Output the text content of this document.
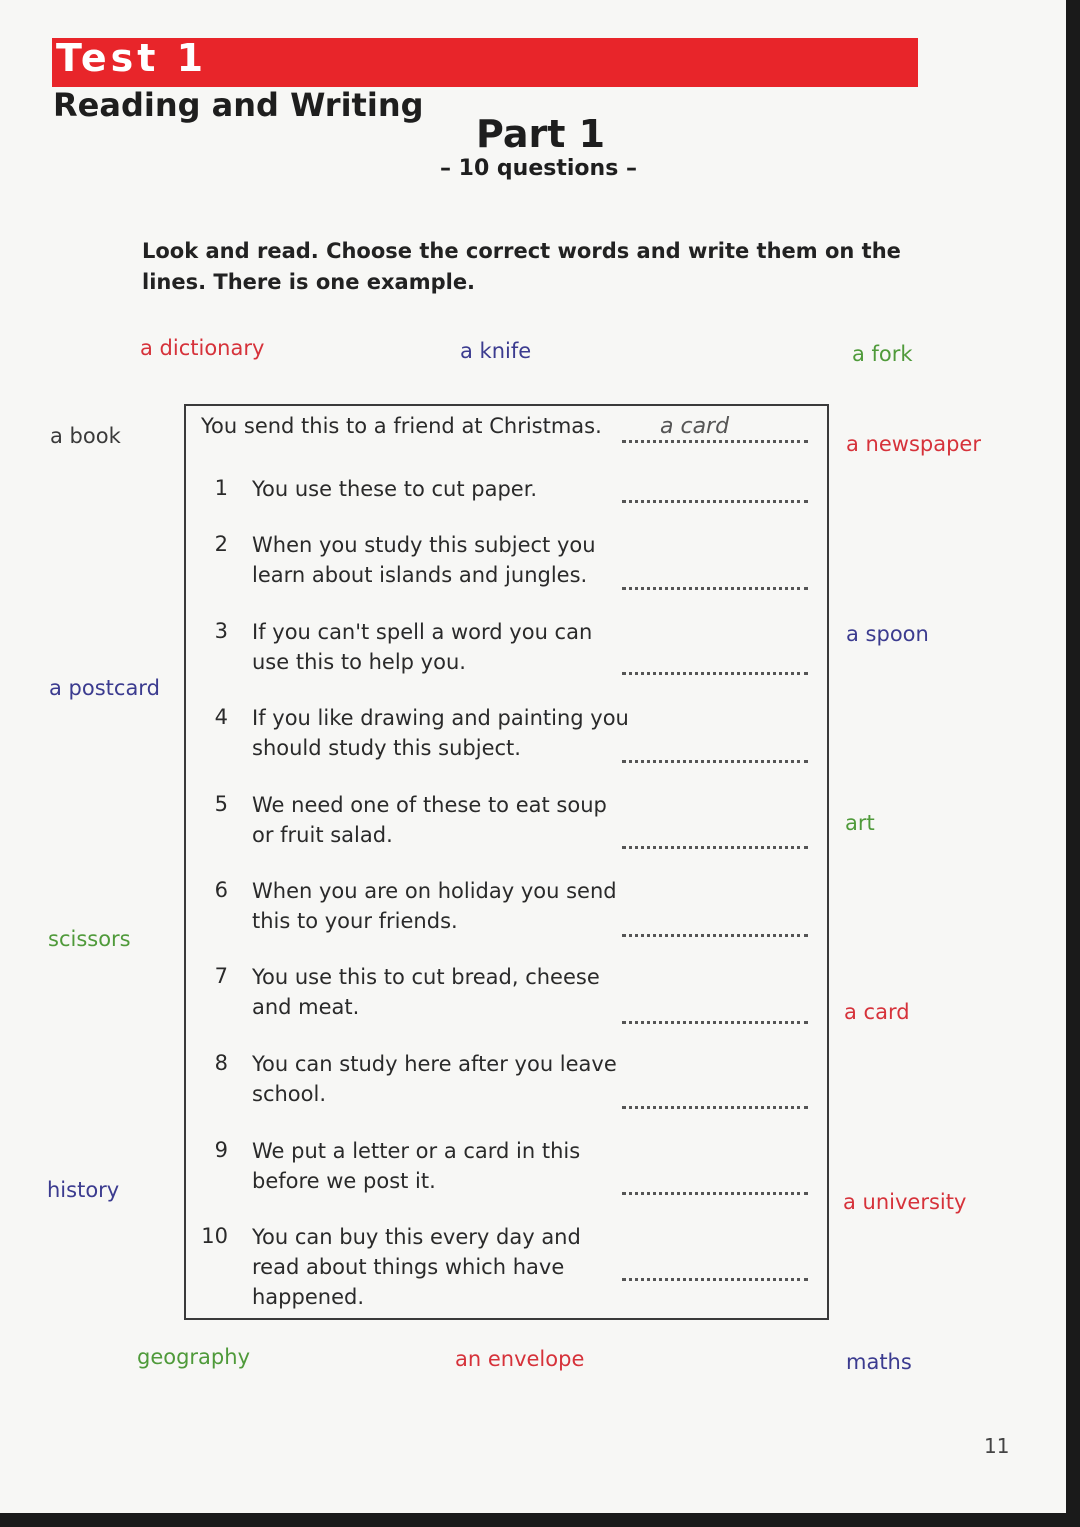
Test 1
Reading and Writing
Part 1
– 10 questions –
Look and read. Choose the correct words and write them on the lines. There is one example.
a dictionary	a knife	a fork
a book	a newspaper
a spoon
a postcard
art
scissors
a card
history	a university
geography	an envelope	maths
You send this to a friend at Christmas.	a card
1 You use these to cut paper.
2 When you study this subject you learn about islands and jungles.
3 If you can't spell a word you can use this to help you.
4 If you like drawing and painting you should study this subject.
5 We need one of these to eat soup or fruit salad.
6 When you are on holiday you send this to your friends.
7 You use this to cut bread, cheese and meat.
8 You can study here after you leave school.
9 We put a letter or a card in this before we post it.
10 You can buy this every day and read about things which have happened.
11
